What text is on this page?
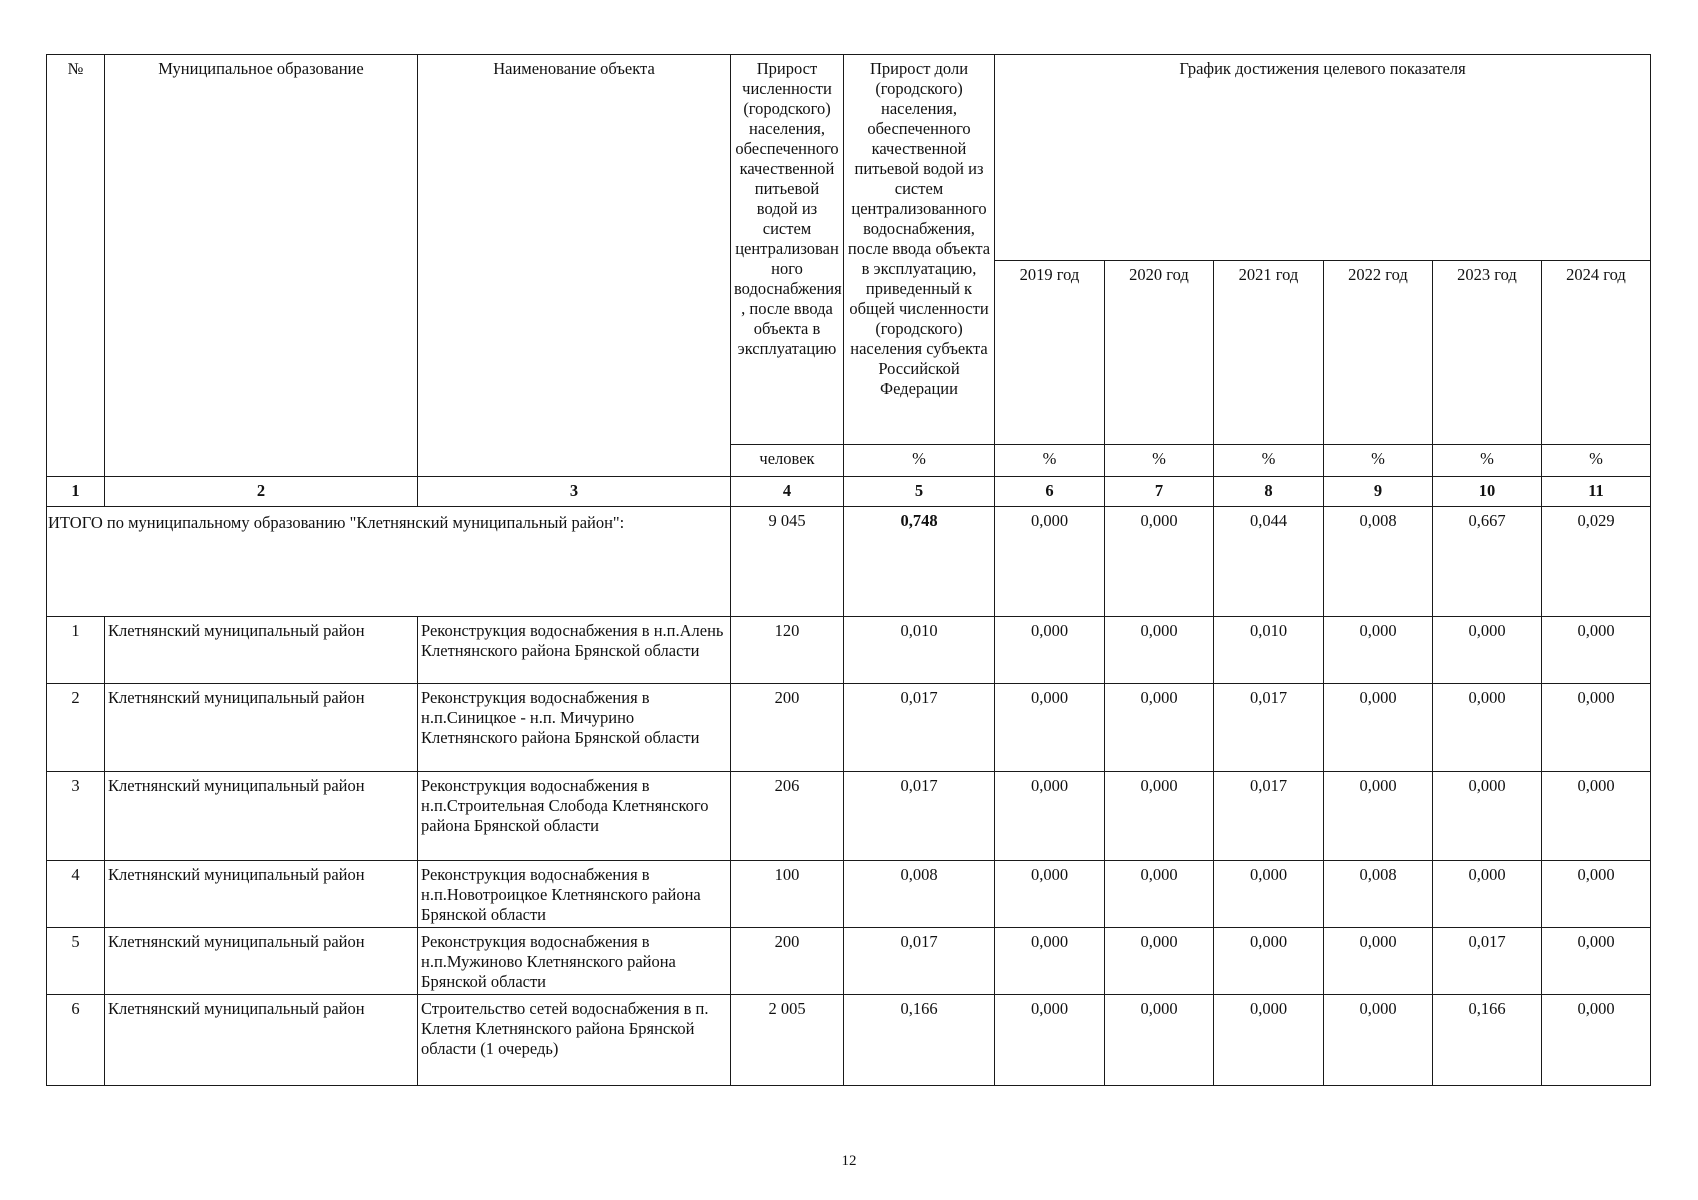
№	Муниципальное образование	Наименование объекта	Прирост численности (городского) населения, обеспеченного качественной питьевой водой из систем централизован ного водоснабжения , после ввода объекта в эксплуатацию	Прирост доли (городского) населения, обеспеченного качественной питьевой водой из систем централизованного водоснабжения, после ввода объекта в эксплуатацию, приведенный к общей численности (городского) населения субъекта Российской Федерации	График достижения целевого показателя					
					2019 год	2020 год	2021 год	2022 год	2023 год	2024 год
			человек	%	%	%	%	%	%	%
1	2	3	4	5	6	7	8	9	10	11
ИТОГО по муниципальному образованию "Клетнянский муниципальный район":			9 045	0,748	0,000	0,000	0,044	0,008	0,667	0,029
1	Клетнянский муниципальный район	Реконструкция водоснабжения в н.п.Алень Клетнянского района Брянской области	120	0,010	0,000	0,000	0,010	0,000	0,000	0,000
2	Клетнянский муниципальный район	Реконструкция водоснабжения в н.п.Синицкое - н.п. Мичурино Клетнянского района Брянской области	200	0,017	0,000	0,000	0,017	0,000	0,000	0,000
3	Клетнянский муниципальный район	Реконструкция водоснабжения в н.п.Строительная Слобода Клетнянского района Брянской области	206	0,017	0,000	0,000	0,017	0,000	0,000	0,000
4	Клетнянский муниципальный район	Реконструкция водоснабжения в н.п.Новотроицкое Клетнянского района Брянской области	100	0,008	0,000	0,000	0,000	0,008	0,000	0,000
5	Клетнянский муниципальный район	Реконструкция водоснабжения в н.п.Мужиново Клетнянского района Брянской области	200	0,017	0,000	0,000	0,000	0,000	0,017	0,000
6	Клетнянский муниципальный район	Строительство сетей водоснабжения в п. Клетня Клетнянского района Брянской области (1 очередь)	2 005	0,166	0,000	0,000	0,000	0,000	0,166	0,000
12
